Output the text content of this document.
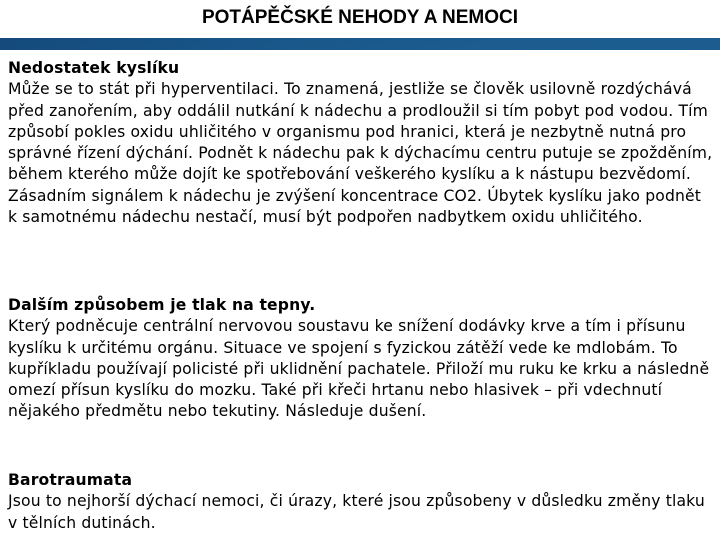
POTÁPĚČSKÉ NEHODY A NEMOCI
Nedostatek kyslíku
Může se to stát při hyperventilaci. To znamená, jestliže se člověk usilovně rozdýchává před zanořením, aby oddálil nutkání k nádechu a prodloužil si tím pobyt pod vodou. Tím způsobí pokles oxidu uhličitého v organismu pod hranici, která je nezbytně nutná pro správné řízení dýchání. Podnět k nádechu pak k dýchacímu centru putuje se zpožděním, během kterého může dojít ke spotřebování veškerého kyslíku a k nástupu bezvědomí. Zásadním signálem k nádechu je zvýšení koncentrace CO2. Úbytek kyslíku jako podnět k samotnému nádechu nestačí, musí být podpořen nadbytkem oxidu uhličitého.
Dalším způsobem je tlak na tepny.
Který podněcuje centrální nervovou soustavu ke snížení dodávky krve a tím i přísunu kyslíku k určitému orgánu. Situace ve spojení s fyzickou zátěží vede ke mdlobám. To kupříkladu používají policisté při uklidnění pachatele. Přiloží mu ruku ke krku a následně omezí přísun kyslíku do mozku. Také při křeči hrtanu nebo hlasivek – při vdechnutí nějakého předmětu nebo tekutiny. Následuje dušení.
Barotraumata
Jsou to nejhorší dýchací nemoci, či úrazy, které jsou způsobeny v důsledku změny tlaku v tělních dutinách.
